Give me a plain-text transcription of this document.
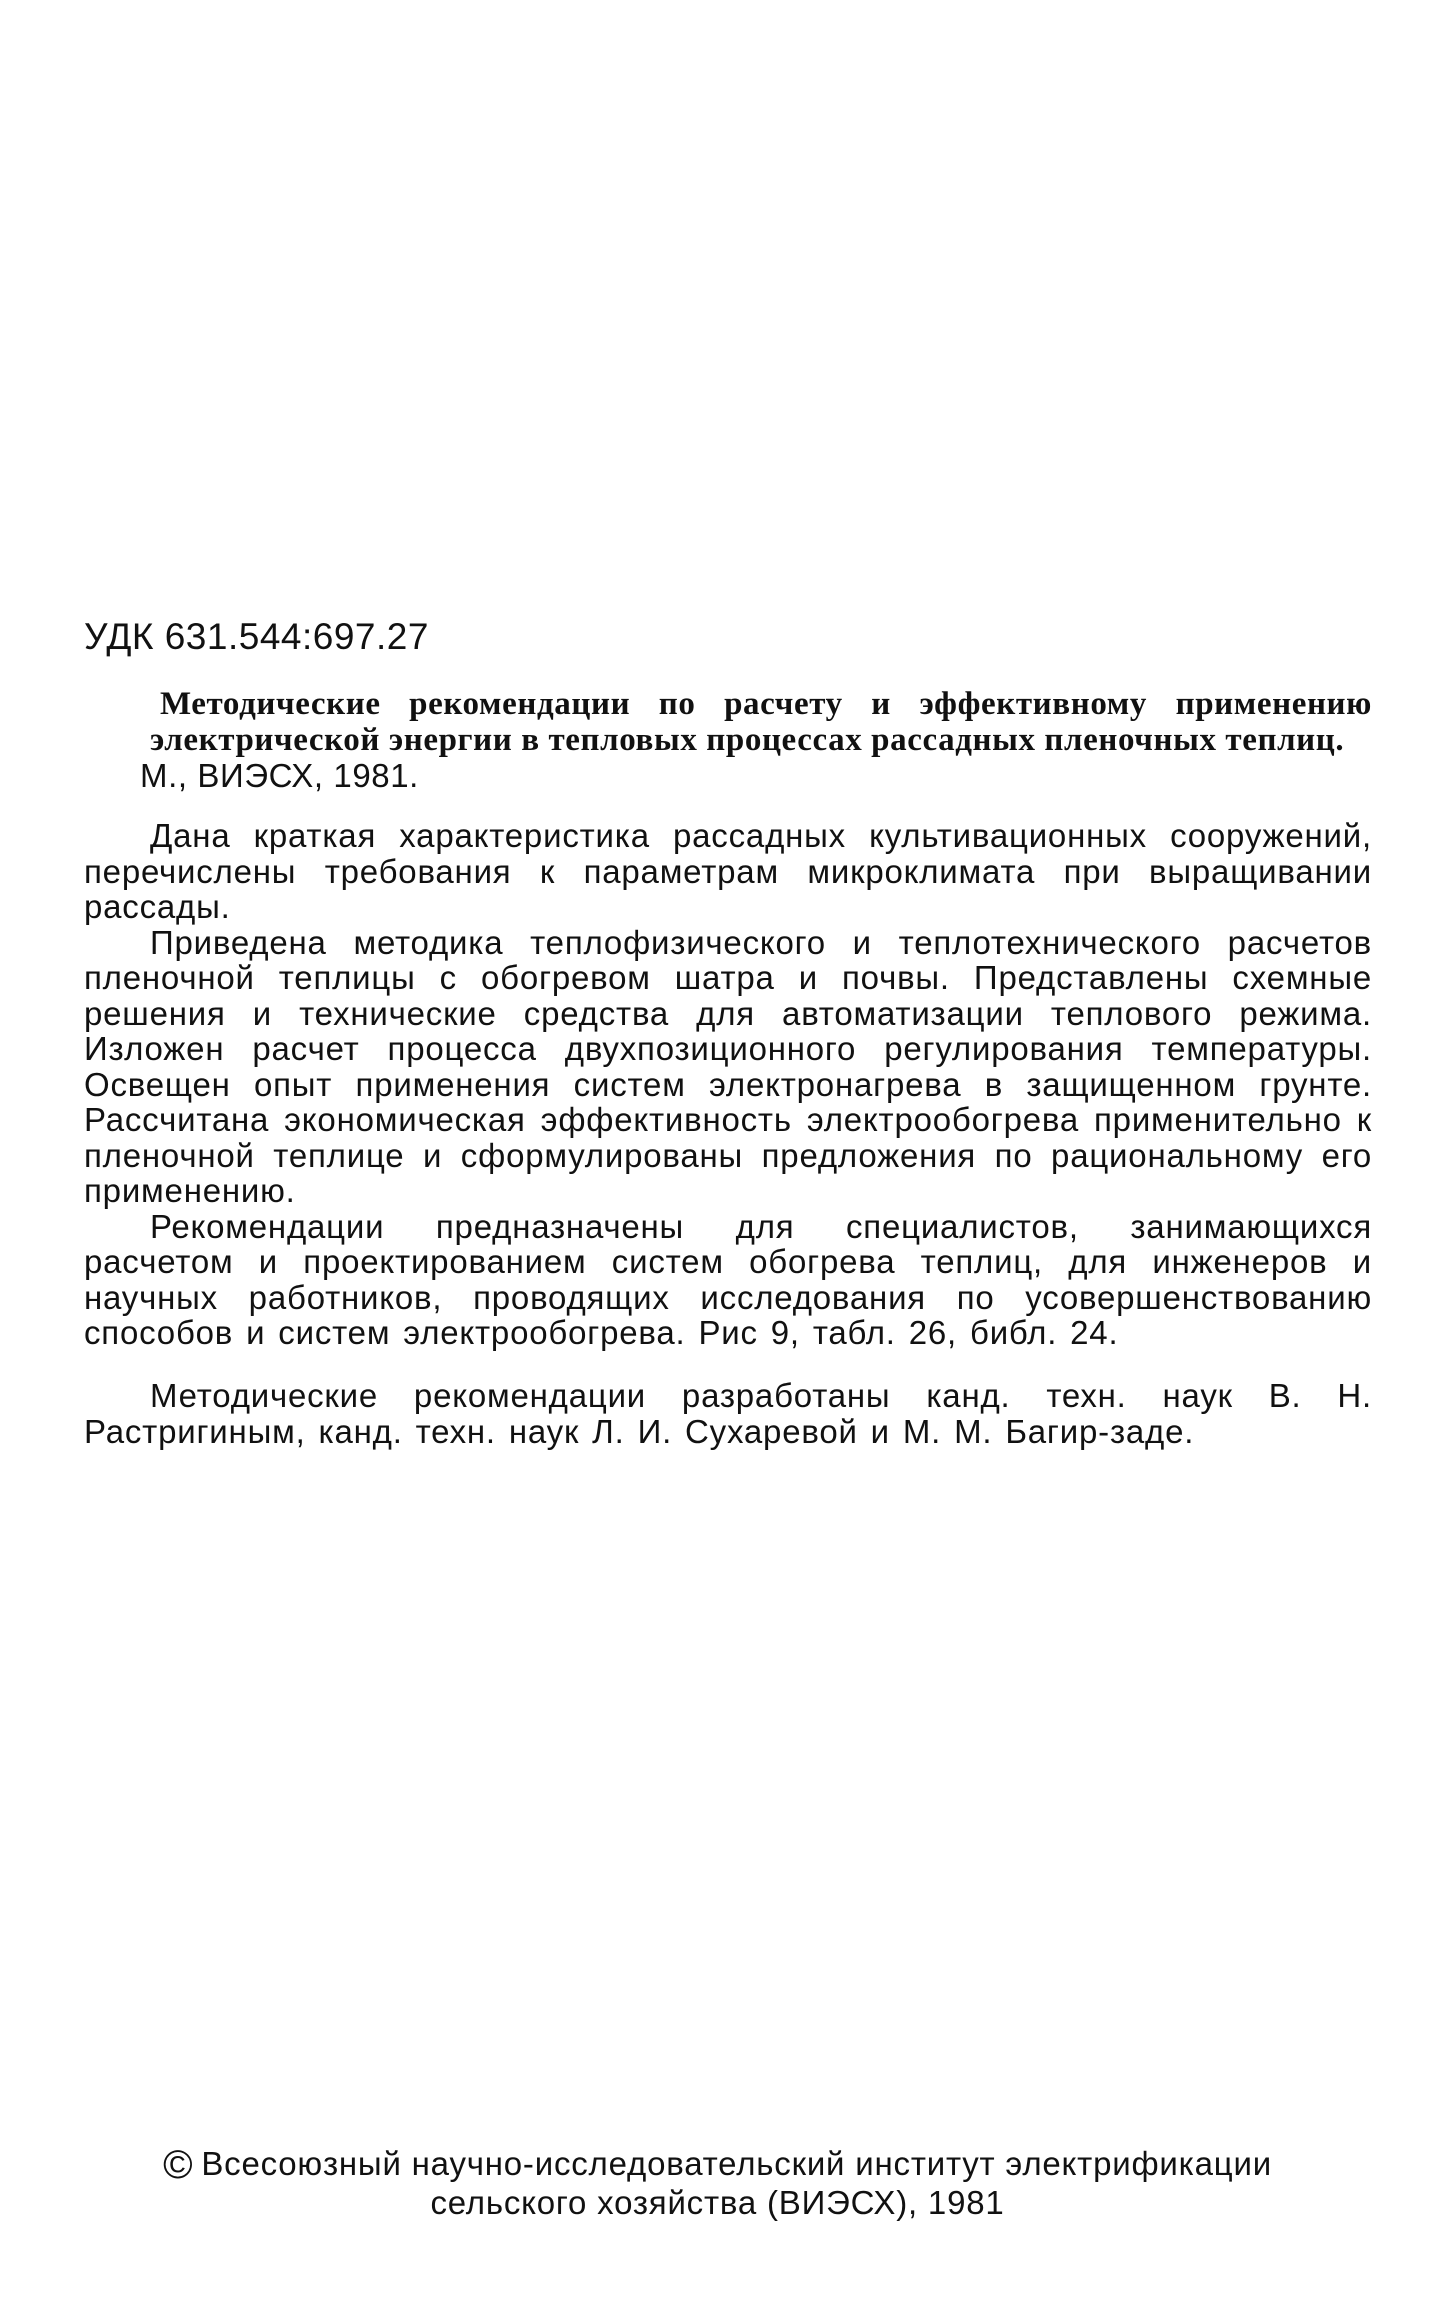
УДК 631.544:697.27
Методические рекомендации по расчету и эффективному применению электрической энергии в тепловых процессах рассадных пленочных теплиц.
М., ВИЭСХ, 1981.

Дана краткая характеристика рассадных культивационных сооружений, перечислены требования к параметрам микроклимата при выращивании рассады.

Приведена методика теплофизического и теплотехнического расчетов пленочной теплицы с обогревом шатра и почвы. Представлены схемные решения и технические средства для автоматизации теплового режима. Изложен расчет процесса двухпозиционного регулирования температуры. Освещен опыт применения систем электронагрева в защищенном грунте. Рассчитана экономическая эффективность электрообогрева применительно к пленочной теплице и сформулированы предложения по рациональному его применению.

Рекомендации предназначены для специалистов, занимающихся расчетом и проектированием систем обогрева теплиц, для инженеров и научных работников, проводящих исследования по усовершенствованию способов и систем электрообогрева. Рис 9, табл. 26, библ. 24.

Методические рекомендации разработаны канд. техн. наук В. Н. Растригиным, канд. техн. наук Л. И. Сухаревой и М. М. Багир-заде.

© Всесоюзный научно-исследовательский институт электрификации
сельского хозяйства (ВИЭСХ), 1981
